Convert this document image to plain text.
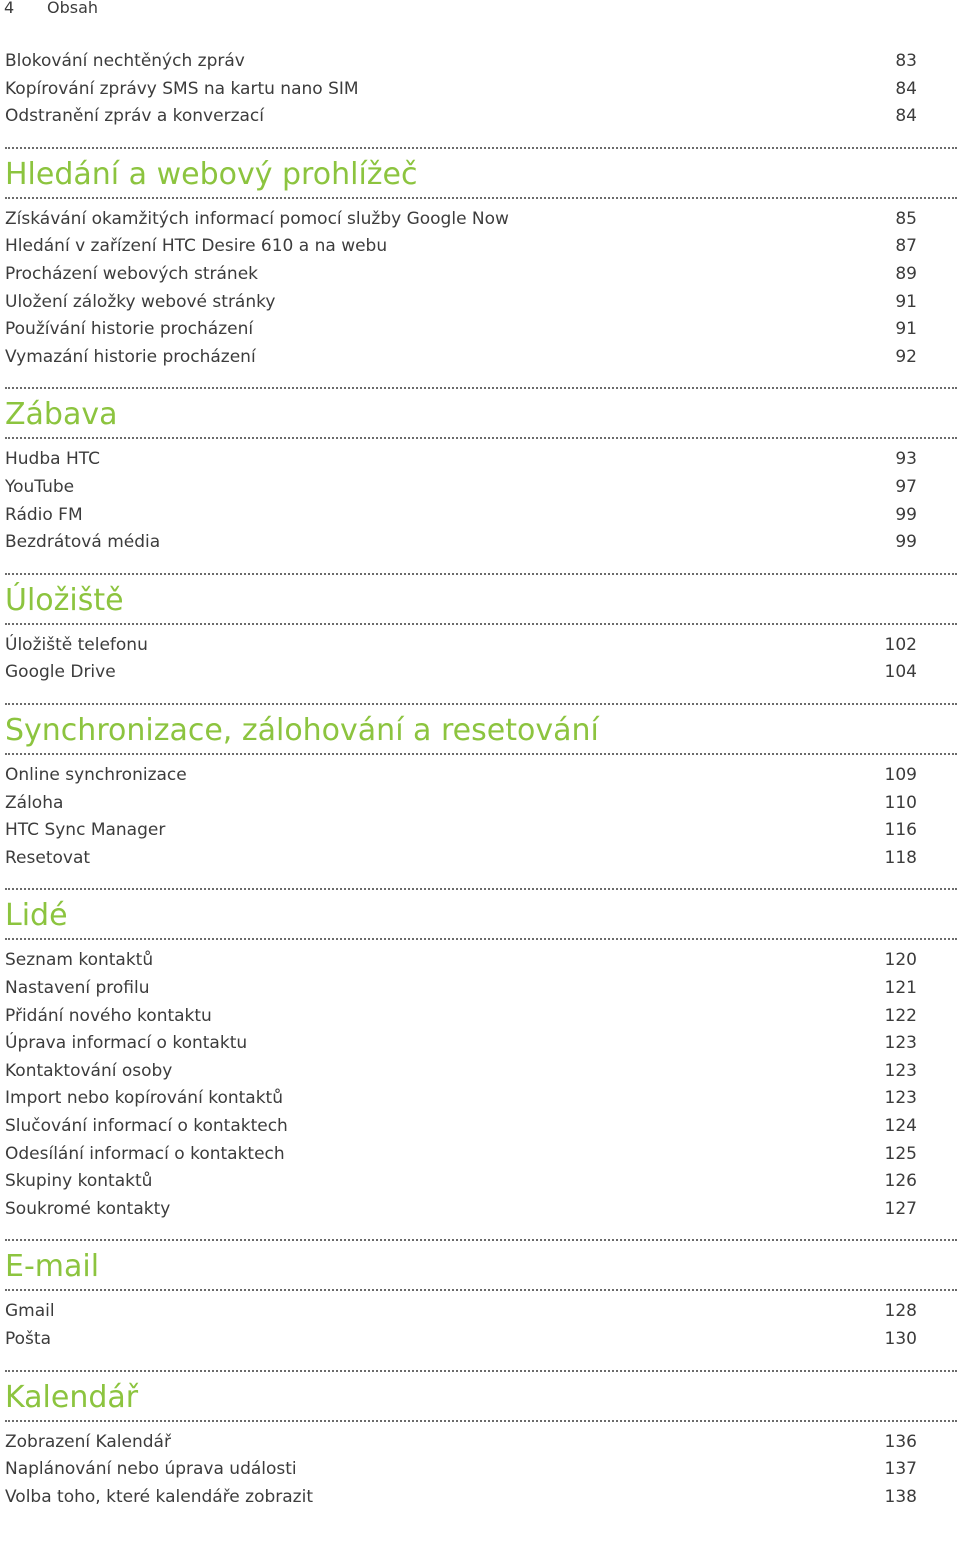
4 Obsah
Blokování nechtěných zpráv	83
Kopírování zprávy SMS na kartu nano SIM	84
Odstranění zpráv a konverzací	84
Hledání a webový prohlížeč
Získávání okamžitých informací pomocí služby Google Now	85
Hledání v zařízení HTC Desire 610 a na webu	87
Procházení webových stránek	89
Uložení záložky webové stránky	91
Používání historie procházení	91
Vymazání historie procházení	92
Zábava
Hudba HTC	93
YouTube	97
Rádio FM	99
Bezdrátová média	99
Úložiště
Úložiště telefonu	102
Google Drive	104
Synchronizace, zálohování a resetování
Online synchronizace	109
Záloha	110
HTC Sync Manager	116
Resetovat	118
Lidé
Seznam kontaktů	120
Nastavení profilu	121
Přidání nového kontaktu	122
Úprava informací o kontaktu	123
Kontaktování osoby	123
Import nebo kopírování kontaktů	123
Slučování informací o kontaktech	124
Odesílání informací o kontaktech	125
Skupiny kontaktů	126
Soukromé kontakty	127
E-mail
Gmail	128
Pošta	130
Kalendář
Zobrazení Kalendář	136
Naplánování nebo úprava události	137
Volba toho, které kalendáře zobrazit	138
